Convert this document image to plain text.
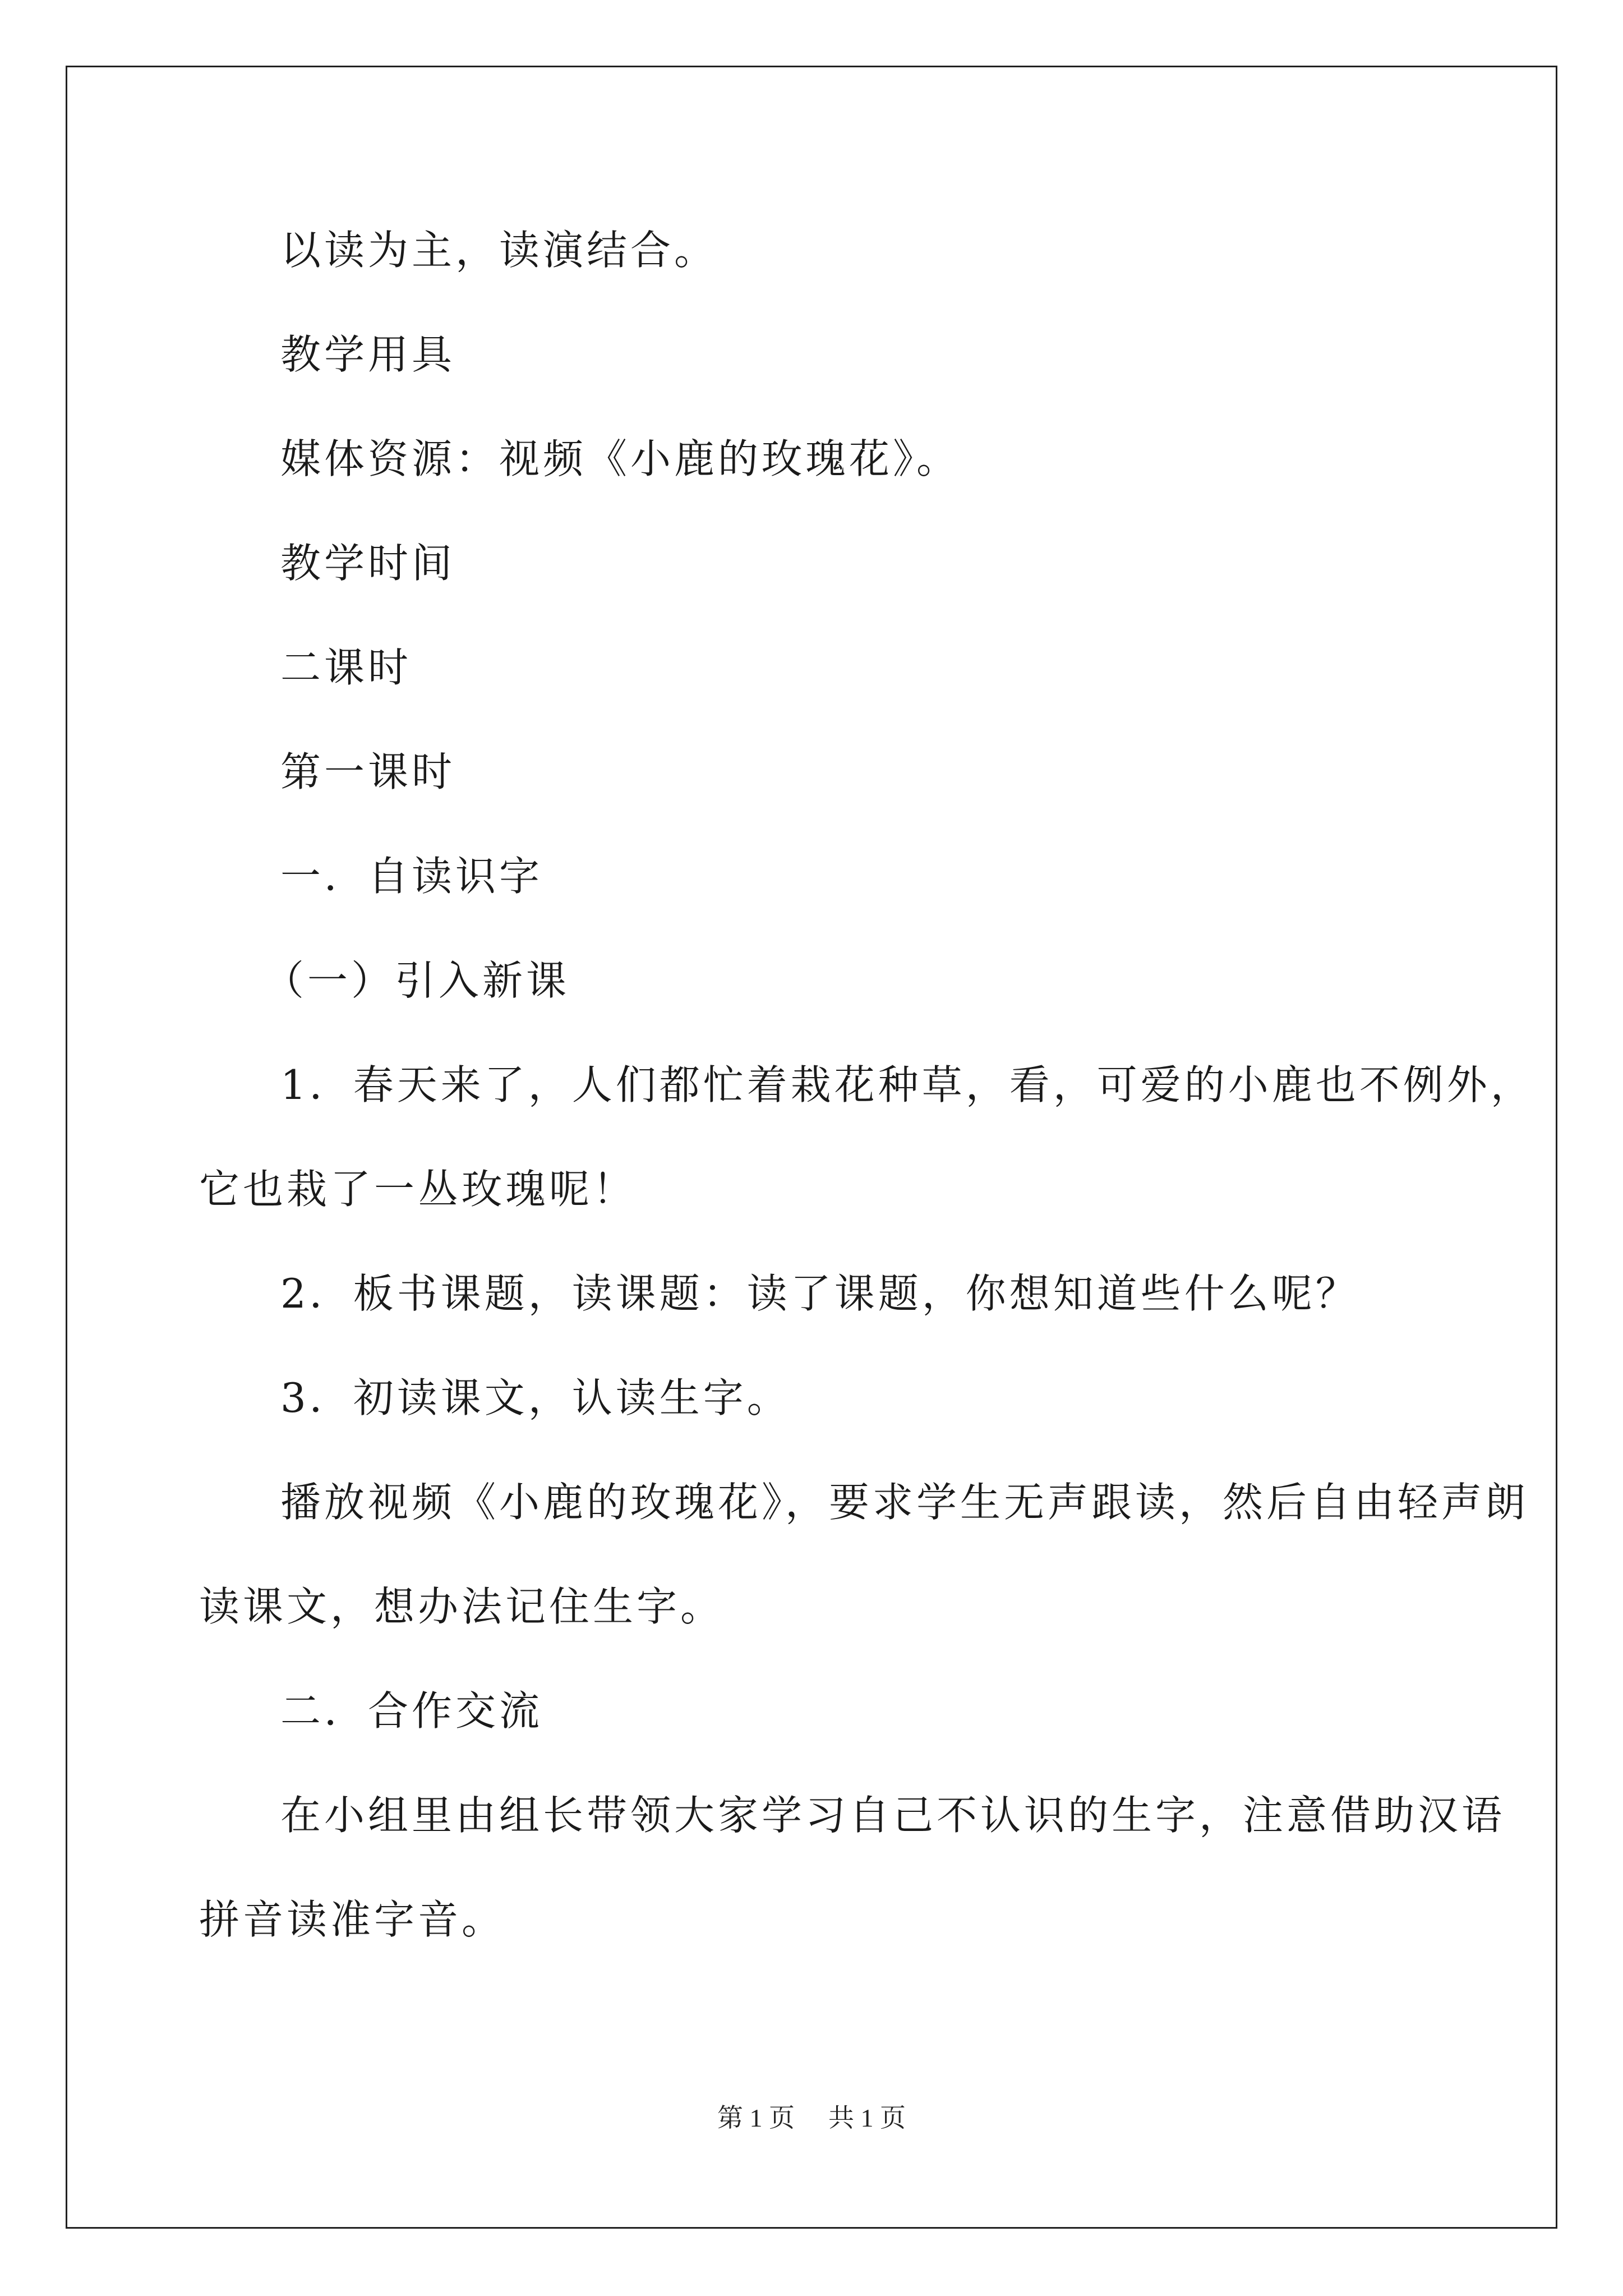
以读为主，读演结合。
教学用具
媒体资源：视频《小鹿的玫瑰花》。
教学时间
二课时
第一课时
一．自读识字
（一）引入新课
1．春天来了，人们都忙着栽花种草，看，可爱的小鹿也不例外，
它也栽了一丛玫瑰呢！
2．板书课题，读课题：读了课题，你想知道些什么呢？
3．初读课文，认读生字。
播放视频《小鹿的玫瑰花》，要求学生无声跟读，然后自由轻声朗
读课文，想办法记住生字。
二．合作交流
在小组里由组长带领大家学习自己不认识的生字，注意借助汉语
拼音读准字音。
第 1 页 共 1 页
